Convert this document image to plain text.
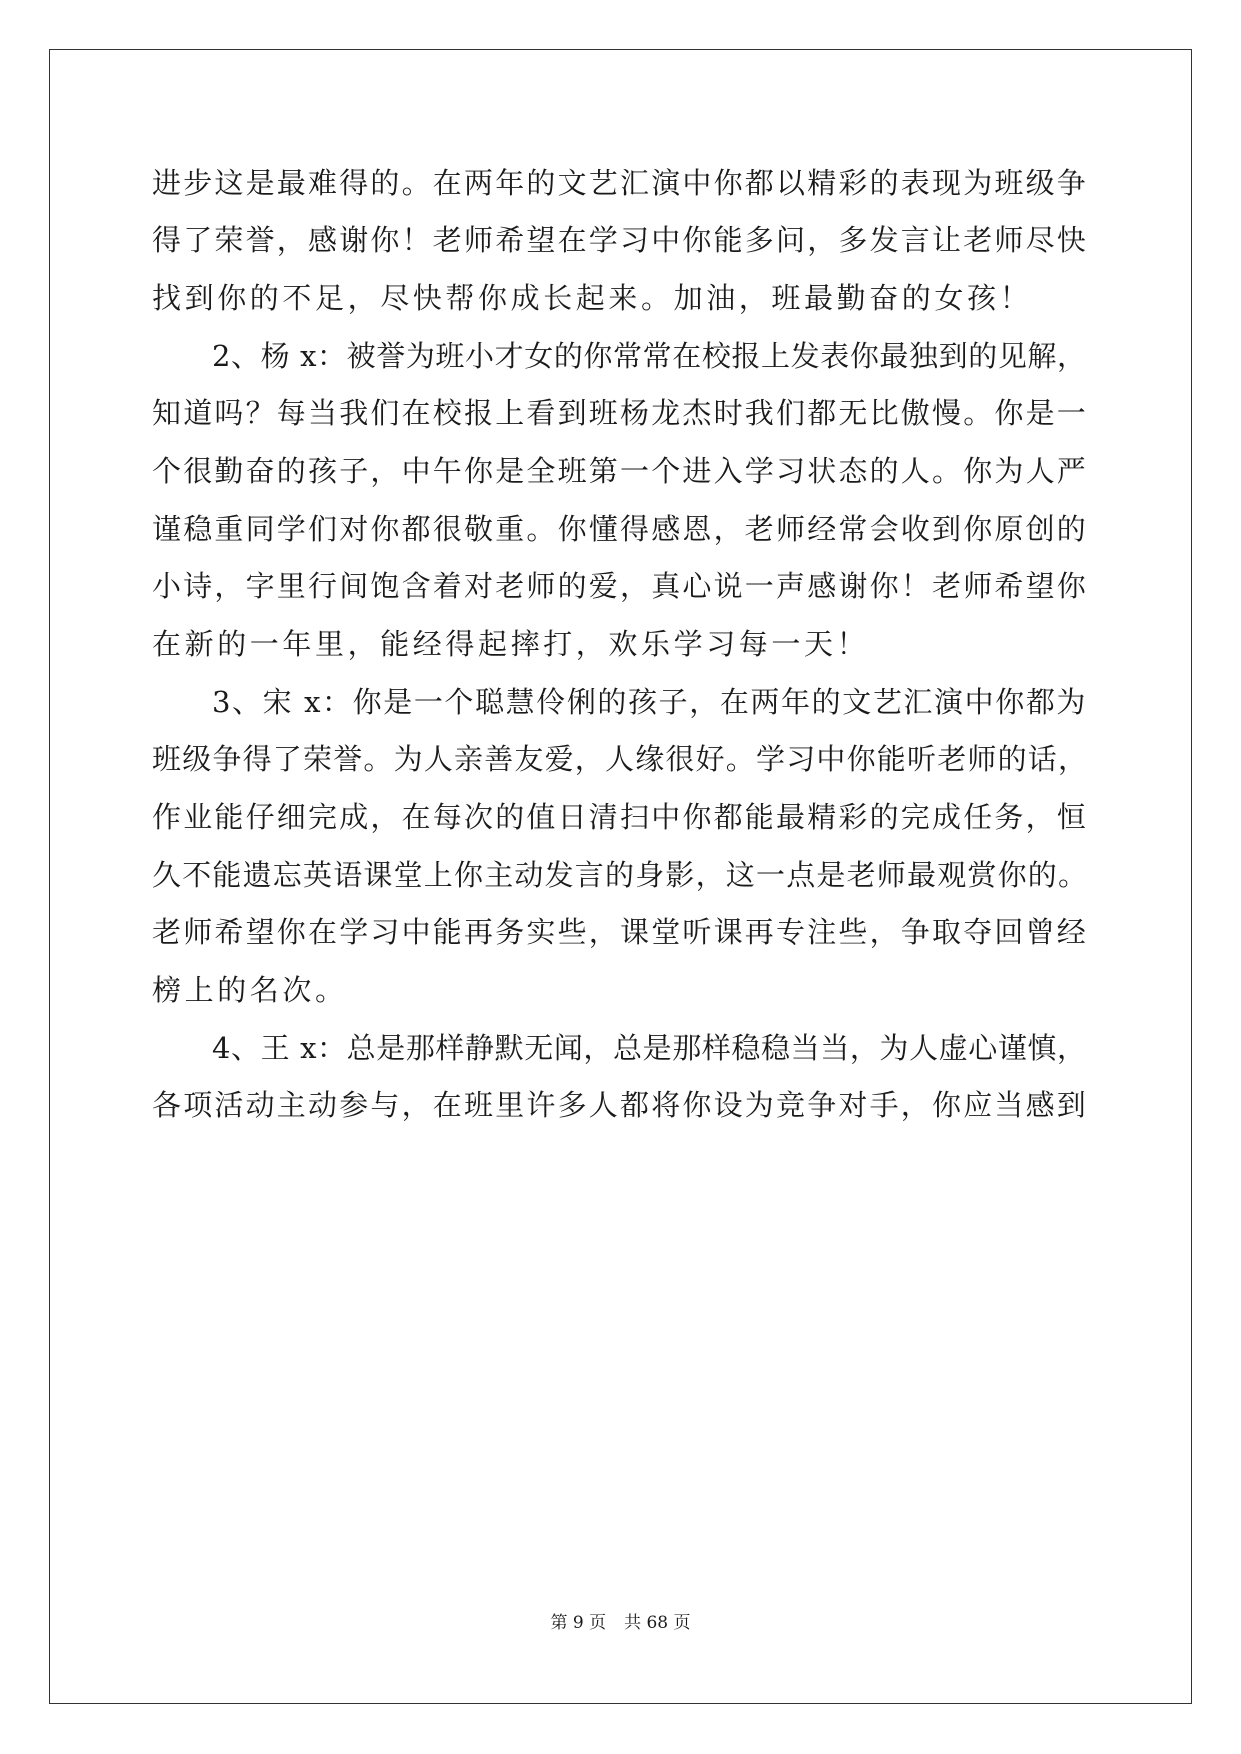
进步这是最难得的。在两年的文艺汇演中你都以精彩的表现为班级争
得了荣誉，感谢你！老师希望在学习中你能多问，多发言让老师尽快
找到你的不足，尽快帮你成长起来。加油，班最勤奋的女孩！
2、杨 x：被誉为班小才女的你常常在校报上发表你最独到的见解，
知道吗？每当我们在校报上看到班杨龙杰时我们都无比傲慢。你是一
个很勤奋的孩子，中午你是全班第一个进入学习状态的人。你为人严
谨稳重同学们对你都很敬重。你懂得感恩，老师经常会收到你原创的
小诗，字里行间饱含着对老师的爱，真心说一声感谢你！老师希望你
在新的一年里，能经得起摔打，欢乐学习每一天！
3、宋 x：你是一个聪慧伶俐的孩子，在两年的文艺汇演中你都为
班级争得了荣誉。为人亲善友爱，人缘很好。学习中你能听老师的话，
作业能仔细完成，在每次的值日清扫中你都能最精彩的完成任务，恒
久不能遗忘英语课堂上你主动发言的身影，这一点是老师最观赏你的。
老师希望你在学习中能再务实些，课堂听课再专注些，争取夺回曾经
榜上的名次。
4、王 x：总是那样静默无闻，总是那样稳稳当当，为人虚心谨慎，
各项活动主动参与，在班里许多人都将你设为竞争对手，你应当感到
第 9 页 共 68 页
